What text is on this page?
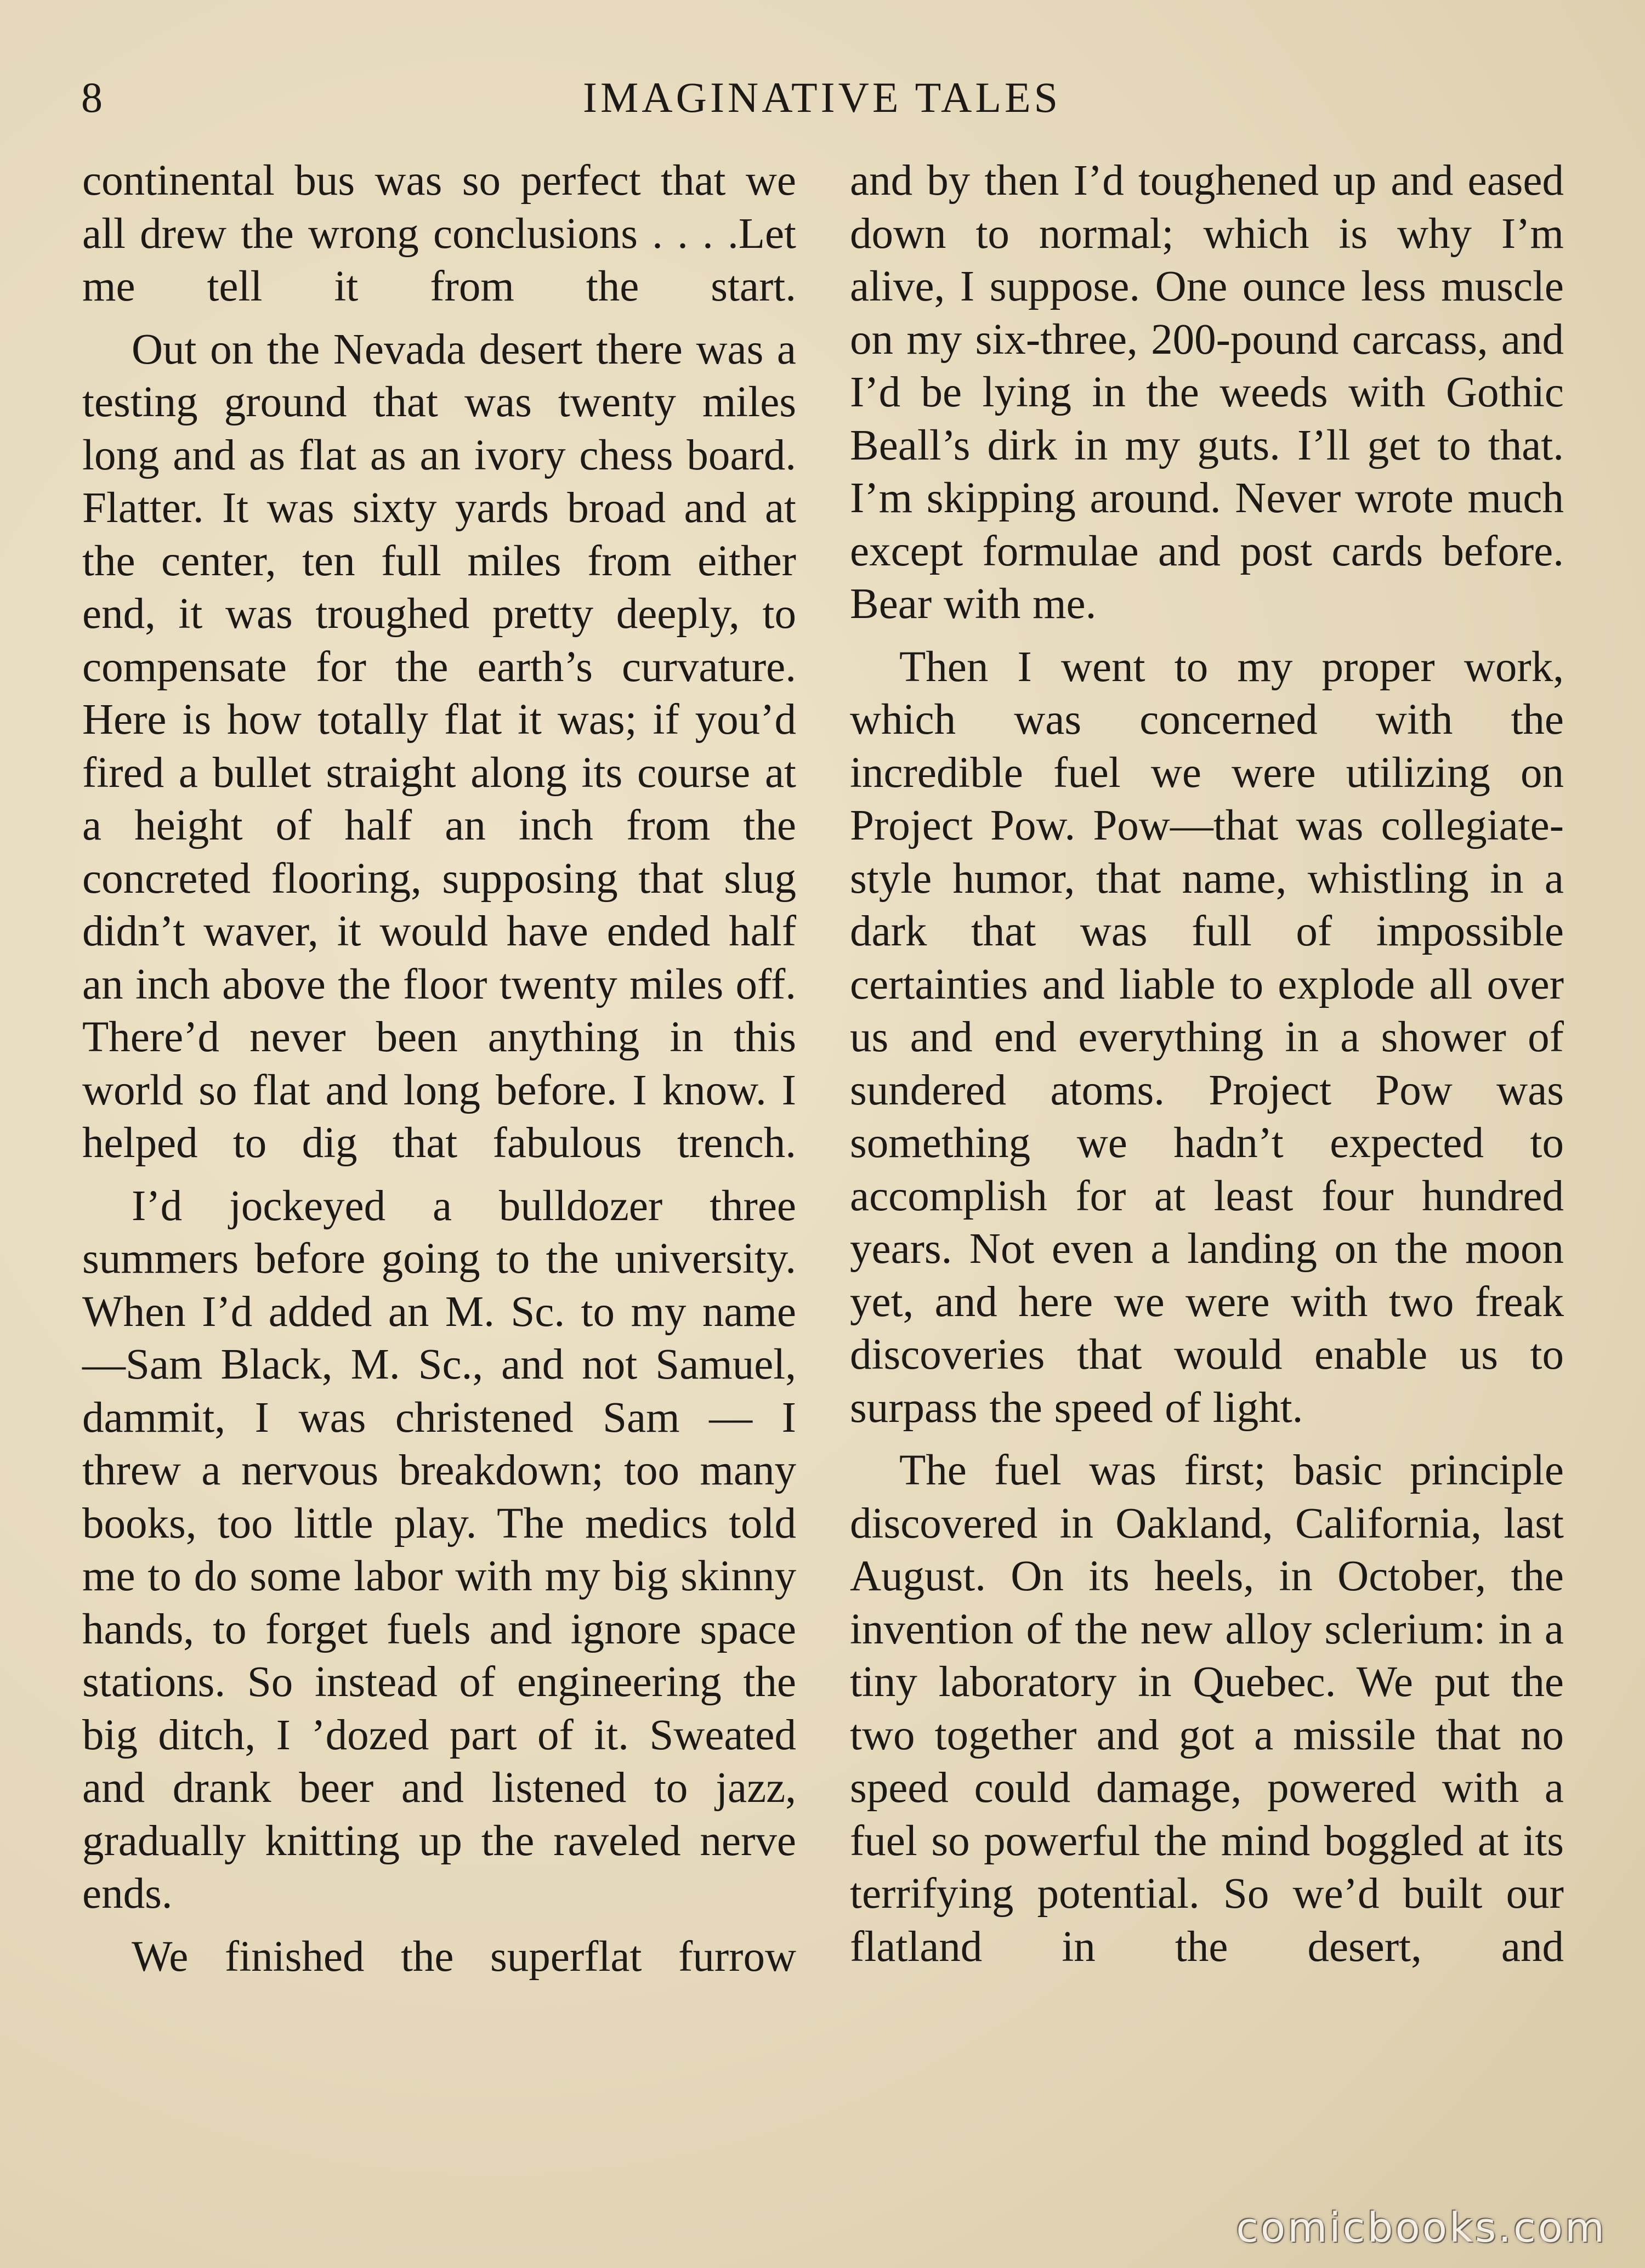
8	IMAGINATIVE TALES

continental bus was so perfect that we all drew the wrong conclusions . . . .Let me tell it from the start.

Out on the Nevada desert there was a testing ground that was twenty miles long and as flat as an ivory chess board. Flatter. It was sixty yards broad and at the center, ten full miles from either end, it was troughed pretty deeply, to compensate for the earth’s curvature. Here is how totally flat it was; if you’d fired a bullet straight along its course at a height of half an inch from the concreted flooring, supposing that slug didn’t waver, it would have ended half an inch above the floor twenty miles off. There’d never been anything in this world so flat and long before. I know. I helped to dig that fabulous trench.

I’d jockeyed a bulldozer three summers before going to the university. When I’d added an M. Sc. to my name—Sam Black, M. Sc., and not Samuel, dammit, I was christened Sam — I threw a nervous breakdown; too many books, too little play. The medics told me to do some labor with my big skinny hands, to forget fuels and ignore space stations. So instead of engineering the big ditch, I ’dozed part of it. Sweated and drank beer and listened to jazz, gradually knitting up the raveled nerve ends.

We finished the superflat furrow

and by then I’d toughened up and eased down to normal; which is why I’m alive, I suppose. One ounce less muscle on my six-three, 200-pound carcass, and I’d be lying in the weeds with Gothic Beall’s dirk in my guts. I’ll get to that. I’m skipping around. Never wrote much except formulae and post cards before. Bear with me.

Then I went to my proper work, which was concerned with the incredible fuel we were utilizing on Project Pow. Pow—that was collegiate-style humor, that name, whistling in a dark that was full of impossible certainties and liable to explode all over us and end everything in a shower of sundered atoms. Project Pow was something we hadn’t expected to accomplish for at least four hundred years. Not even a landing on the moon yet, and here we were with two freak discoveries that would enable us to surpass the speed of light.

The fuel was first; basic principle discovered in Oakland, California, last August. On its heels, in October, the invention of the new alloy sclerium: in a tiny laboratory in Quebec. We put the two together and got a missile that no speed could damage, powered with a fuel so powerful the mind boggled at its terrifying potential. So we’d built our flatland in the desert, and

comicbooks.com
